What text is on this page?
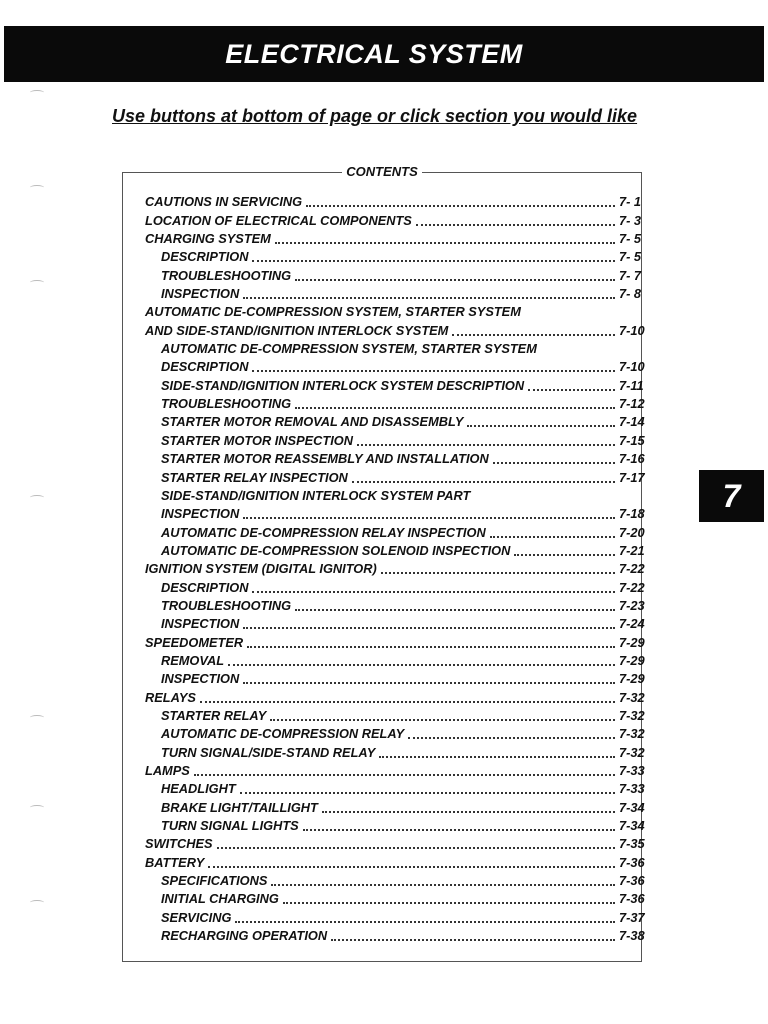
ELECTRICAL SYSTEM
Use buttons at bottom of page or click section you would like
CONTENTS
CAUTIONS IN SERVICING	7- 1
LOCATION OF ELECTRICAL COMPONENTS	7- 3
CHARGING SYSTEM	7- 5
DESCRIPTION	7- 5
TROUBLESHOOTING	7- 7
INSPECTION	7- 8
AUTOMATIC DE-COMPRESSION SYSTEM, STARTER SYSTEM
AND SIDE-STAND/IGNITION INTERLOCK SYSTEM	7-10
AUTOMATIC DE-COMPRESSION SYSTEM, STARTER SYSTEM
DESCRIPTION	7-10
SIDE-STAND/IGNITION INTERLOCK SYSTEM DESCRIPTION	7-11
TROUBLESHOOTING	7-12
STARTER MOTOR REMOVAL AND DISASSEMBLY	7-14
STARTER MOTOR INSPECTION	7-15
STARTER MOTOR REASSEMBLY AND INSTALLATION	7-16
STARTER RELAY INSPECTION	7-17
SIDE-STAND/IGNITION INTERLOCK SYSTEM PART
INSPECTION	7-18
AUTOMATIC DE-COMPRESSION RELAY INSPECTION	7-20
AUTOMATIC DE-COMPRESSION SOLENOID INSPECTION	7-21
IGNITION SYSTEM (DIGITAL IGNITOR)	7-22
DESCRIPTION	7-22
TROUBLESHOOTING	7-23
INSPECTION	7-24
SPEEDOMETER	7-29
REMOVAL	7-29
INSPECTION	7-29
RELAYS	7-32
STARTER RELAY	7-32
AUTOMATIC DE-COMPRESSION RELAY	7-32
TURN SIGNAL/SIDE-STAND RELAY	7-32
LAMPS	7-33
HEADLIGHT	7-33
BRAKE LIGHT/TAILLIGHT	7-34
TURN SIGNAL LIGHTS	7-34
SWITCHES	7-35
BATTERY	7-36
SPECIFICATIONS	7-36
INITIAL CHARGING	7-36
SERVICING	7-37
RECHARGING OPERATION	7-38
7
